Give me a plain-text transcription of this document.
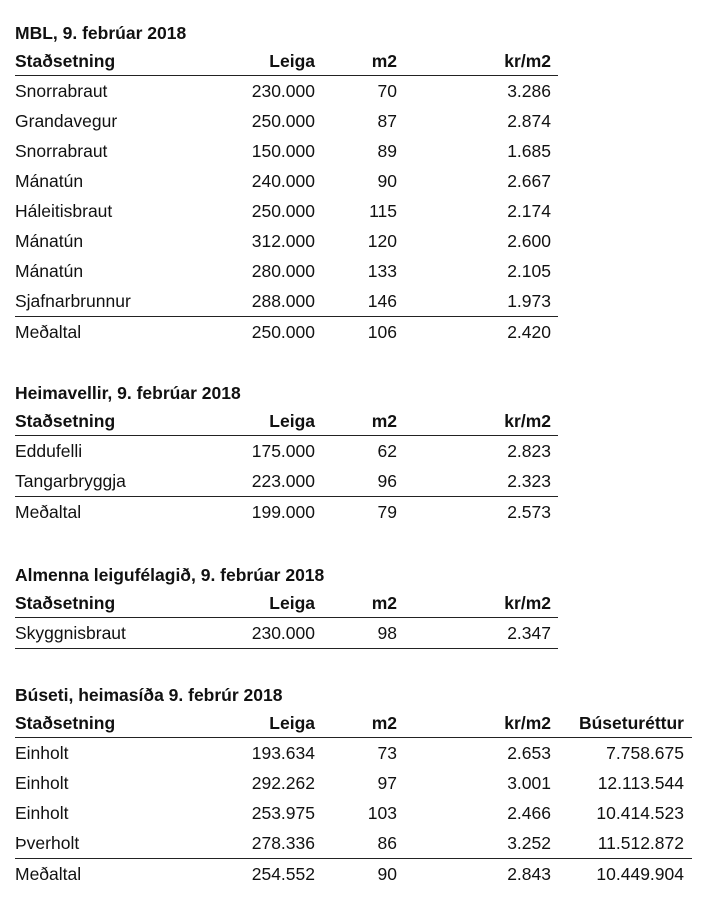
MBL, 9. febrúar 2018
Staðsetning	Leiga	m2	kr/m2
Snorrabraut	230.000	70	3.286
Grandavegur	250.000	87	2.874
Snorrabraut	150.000	89	1.685
Mánatún	240.000	90	2.667
Háleitisbraut	250.000	115	2.174
Mánatún	312.000	120	2.600
Mánatún	280.000	133	2.105
Sjafnarbrunnur	288.000	146	1.973
Meðaltal	250.000	106	2.420
Heimavellir, 9. febrúar 2018
Staðsetning	Leiga	m2	kr/m2
Eddufelli	175.000	62	2.823
Tangarbryggja	223.000	96	2.323
Meðaltal	199.000	79	2.573
Almenna leigufélagið, 9. febrúar 2018
Staðsetning	Leiga	m2	kr/m2
Skyggnisbraut	230.000	98	2.347
Búseti, heimasíða 9. febrúr 2018
Staðsetning	Leiga	m2	kr/m2	Búseturéttur
Einholt	193.634	73	2.653	7.758.675
Einholt	292.262	97	3.001	12.113.544
Einholt	253.975	103	2.466	10.414.523
Þverholt	278.336	86	3.252	11.512.872
Meðaltal	254.552	90	2.843	10.449.904
